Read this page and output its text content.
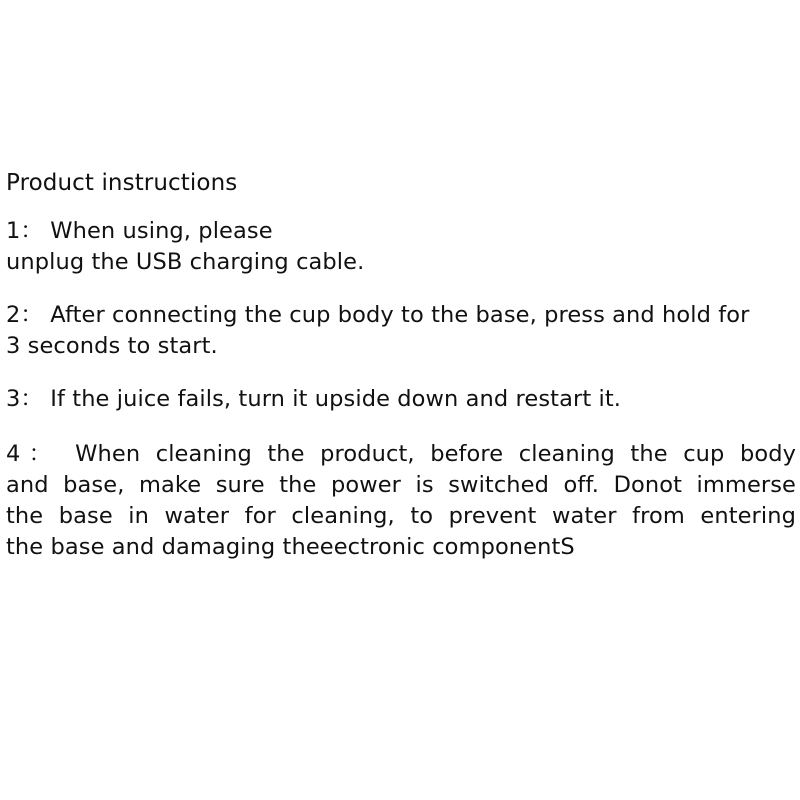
Product instructions
1： When using, please
unplug the USB charging cable.
2： After connecting the cup body to the base, press and hold for
3 seconds to start.
3： If the juice fails, turn it upside down and restart it.
4： When cleaning the product, before cleaning the cup body
and base, make sure the power is switched off. Donot immerse
the base in water for cleaning, to prevent water from entering
the base and damaging theeectronic componentS
